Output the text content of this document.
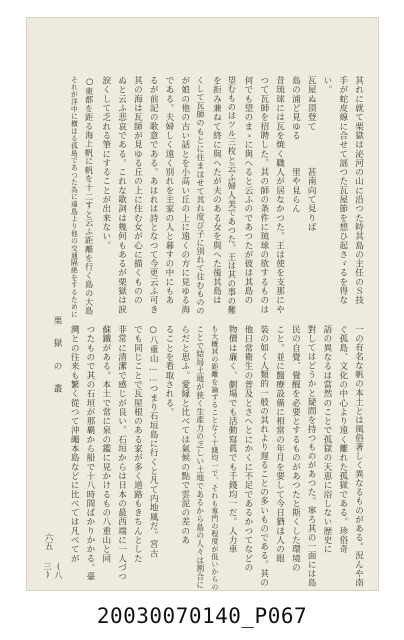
其れに就て栗獄は泌河の山に沿つた時其島の主任のＳ技
手が蛇皮線に合せて謡つた瓦屋節を想ひ起さゞるを得な
い。
瓦屋ぬ頂登て　　　　甚南向て見りば
島の浦ど見ゆる　　　里や見らん
昔琉球には瓦を焼く職人が居なかつた。王は使を支那にや
つて瓦師を招聘した。其の師の条件に琉球の欲するものは
何でも望のまゝに與へると云ふのであつたが彼は其島の
望むものはツル三枚と云ふ婦人美であつた。王は其の事の難
を拒み兼ねて終に與へたが夫のある女を與へた後其島は
くして瓦師のもとに住まはせて其れ度び子に別れて住むものの
が娘の他の古い話とを小高い丘の上に遠くの方に見ゆる海
である。夫婦しく遠く別れを主家の人と暮すの中にもあ
るが前記の歌意である。あはれは詩となつて今更云ふ可き
其の海は瓦師が見ゆる丘の上に住む女が心に描くものの
ぬと云ふ悲哀である。これな歌詞は幾何もあるが栗獄は涙
涙くして乏れる筆にすることが出来ない。
○東都を距る海上帆に帆を十二すと云ふ距離を行く島の大島
それが洋中に横はる孤島であつた為に遠島より他の交通隔絶をするために
一の有名な帆の本土とは風俗著しく異なるものがある。況んや南
ぐ孤島、文化の中心より遠く離れた孤獄である。珍俗奇
語の異なるは當然のことで孤獄の天恵に浴しない歴史に
對してはどうかと疑問を持つものがあつた。寧ろ其の一面には島
民の自覺、覺醒を必要とするものがあつたと斯くした環境の
こと。並に醫療設備に相當の年月を要して今日猶ほ人の眼
装の如く人類的一般の其れより遅ることの多いものである。其の
他日常衛生の普及とさへとにかくに不足であるかつてなどの
物價は廉く、劇場でも活動寫眞でも千錢均一だ。人力車
も大概其の距離を論ずることなく十錢均一で、それも専門の程度が低いからの
ことで結局土地が狭く生產力の乏しい土地であるから島の人々は割合に
らだと思ふ。愛縁と比べては氣候の點で雲泥の差のあ
ることを看取される。
○八重山……つまり石垣島に行くと凡て内地風だ。宮古
でも同じことで瓦屋根のある家が多く道路もきちんとした
非常に清潔で感じが良い。石垣からは日本の最西端に一人づつ
蘇鐵がある。本土で常に泉の鑑に見かけるもの八重山と同
つたもので其の石垣が那覇から船で十八時間ばかりかかる。臺
灣との往来も繁く從つて沖繩本島などに比べては凡べてが
栗 獄 の 叢
六五
(八三)
20030070140_P067
